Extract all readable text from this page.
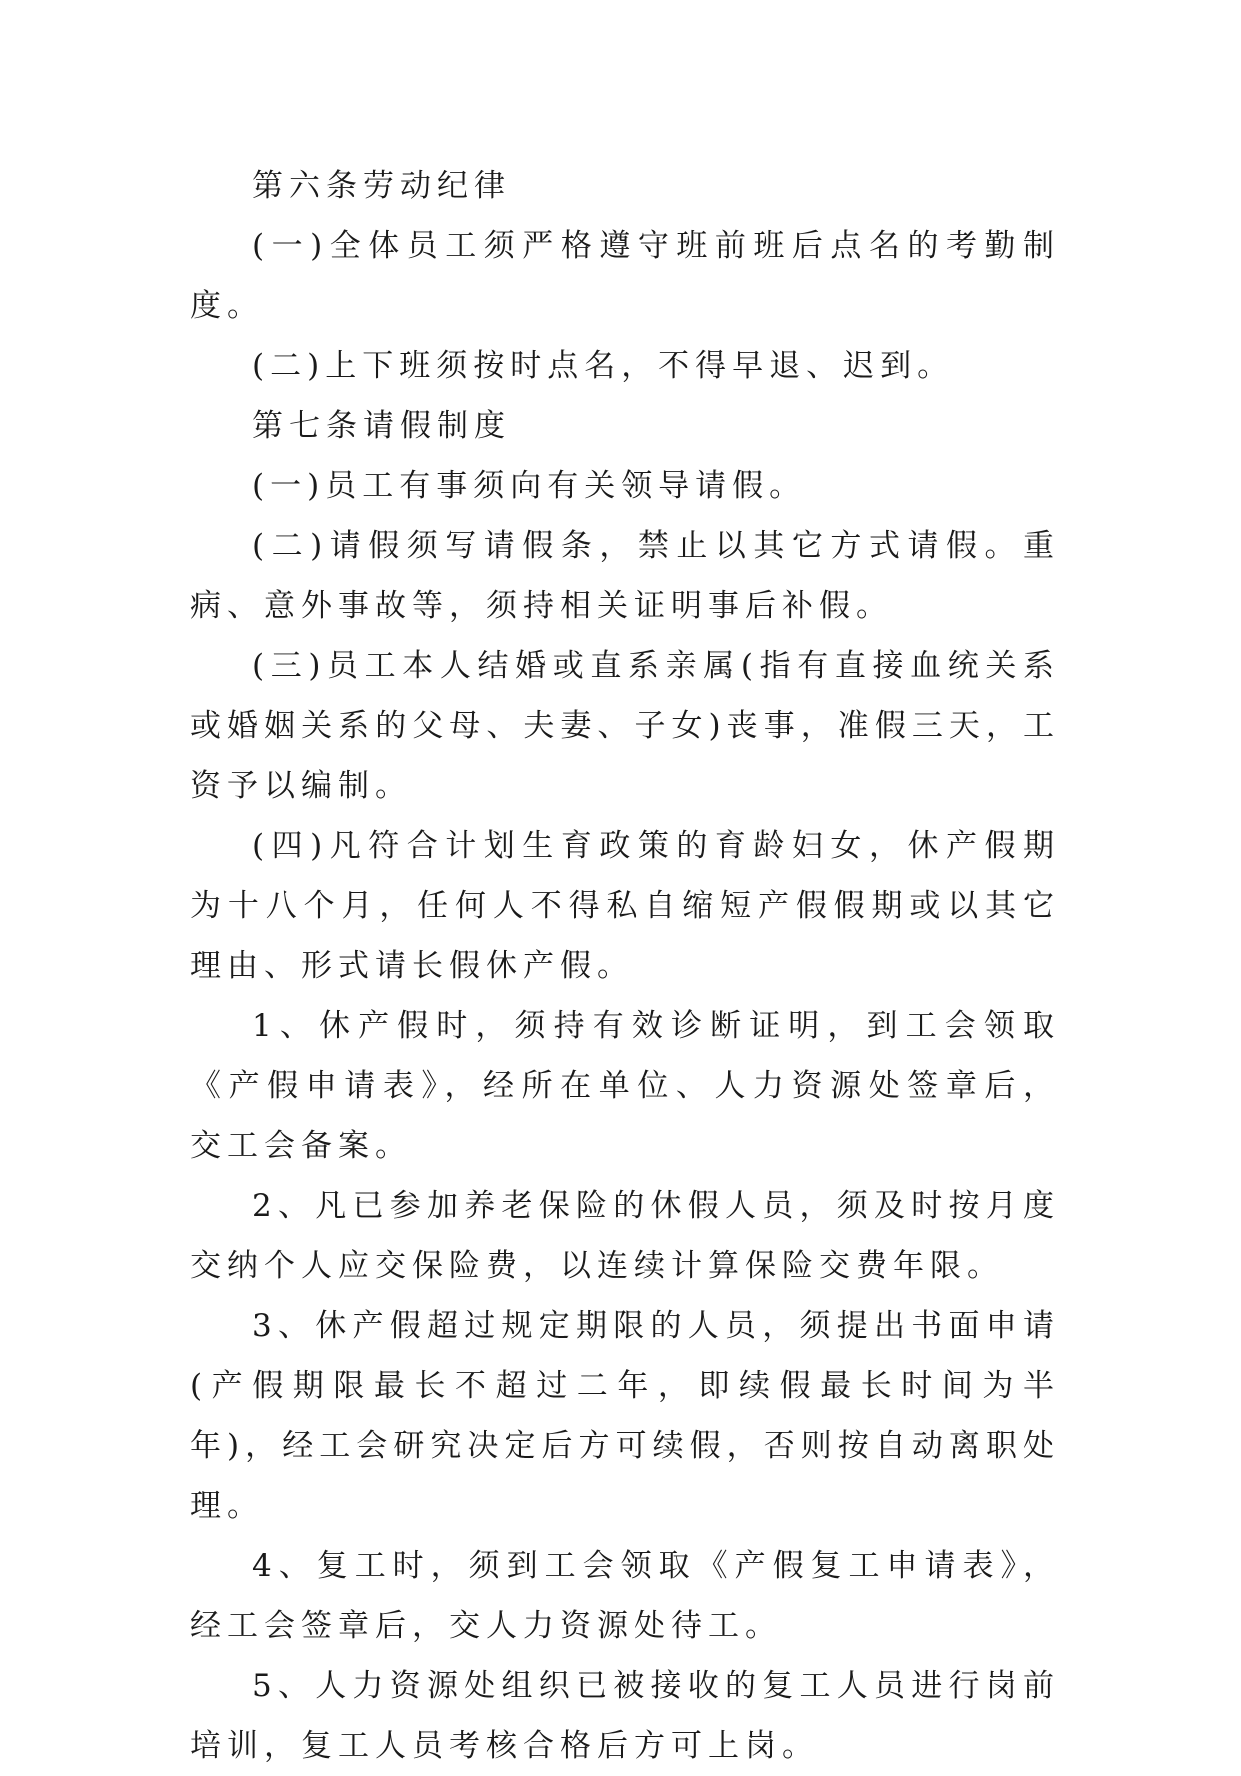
第六条劳动纪律

(一)全体员工须严格遵守班前班后点名的考勤制度。

(二)上下班须按时点名，不得早退、迟到。

第七条请假制度

(一)员工有事须向有关领导请假。

(二)请假须写请假条，禁止以其它方式请假。重病、意外事故等，须持相关证明事后补假。

(三)员工本人结婚或直系亲属(指有直接血统关系或婚姻关系的父母、夫妻、子女)丧事，准假三天，工资予以编制。

(四)凡符合计划生育政策的育龄妇女，休产假期为十八个月，任何人不得私自缩短产假假期或以其它理由、形式请长假休产假。

1、休产假时，须持有效诊断证明，到工会领取《产假申请表》，经所在单位、人力资源处签章后，交工会备案。

2、凡已参加养老保险的休假人员，须及时按月度交纳个人应交保险费，以连续计算保险交费年限。

3、休产假超过规定期限的人员，须提出书面申请(产假期限最长不超过二年，即续假最长时间为半年)，经工会研究决定后方可续假，否则按自动离职处理。

4、复工时，须到工会领取《产假复工申请表》，经工会签章后，交人力资源处待工。

5、人力资源处组织已被接收的复工人员进行岗前培训，复工人员考核合格后方可上岗。
